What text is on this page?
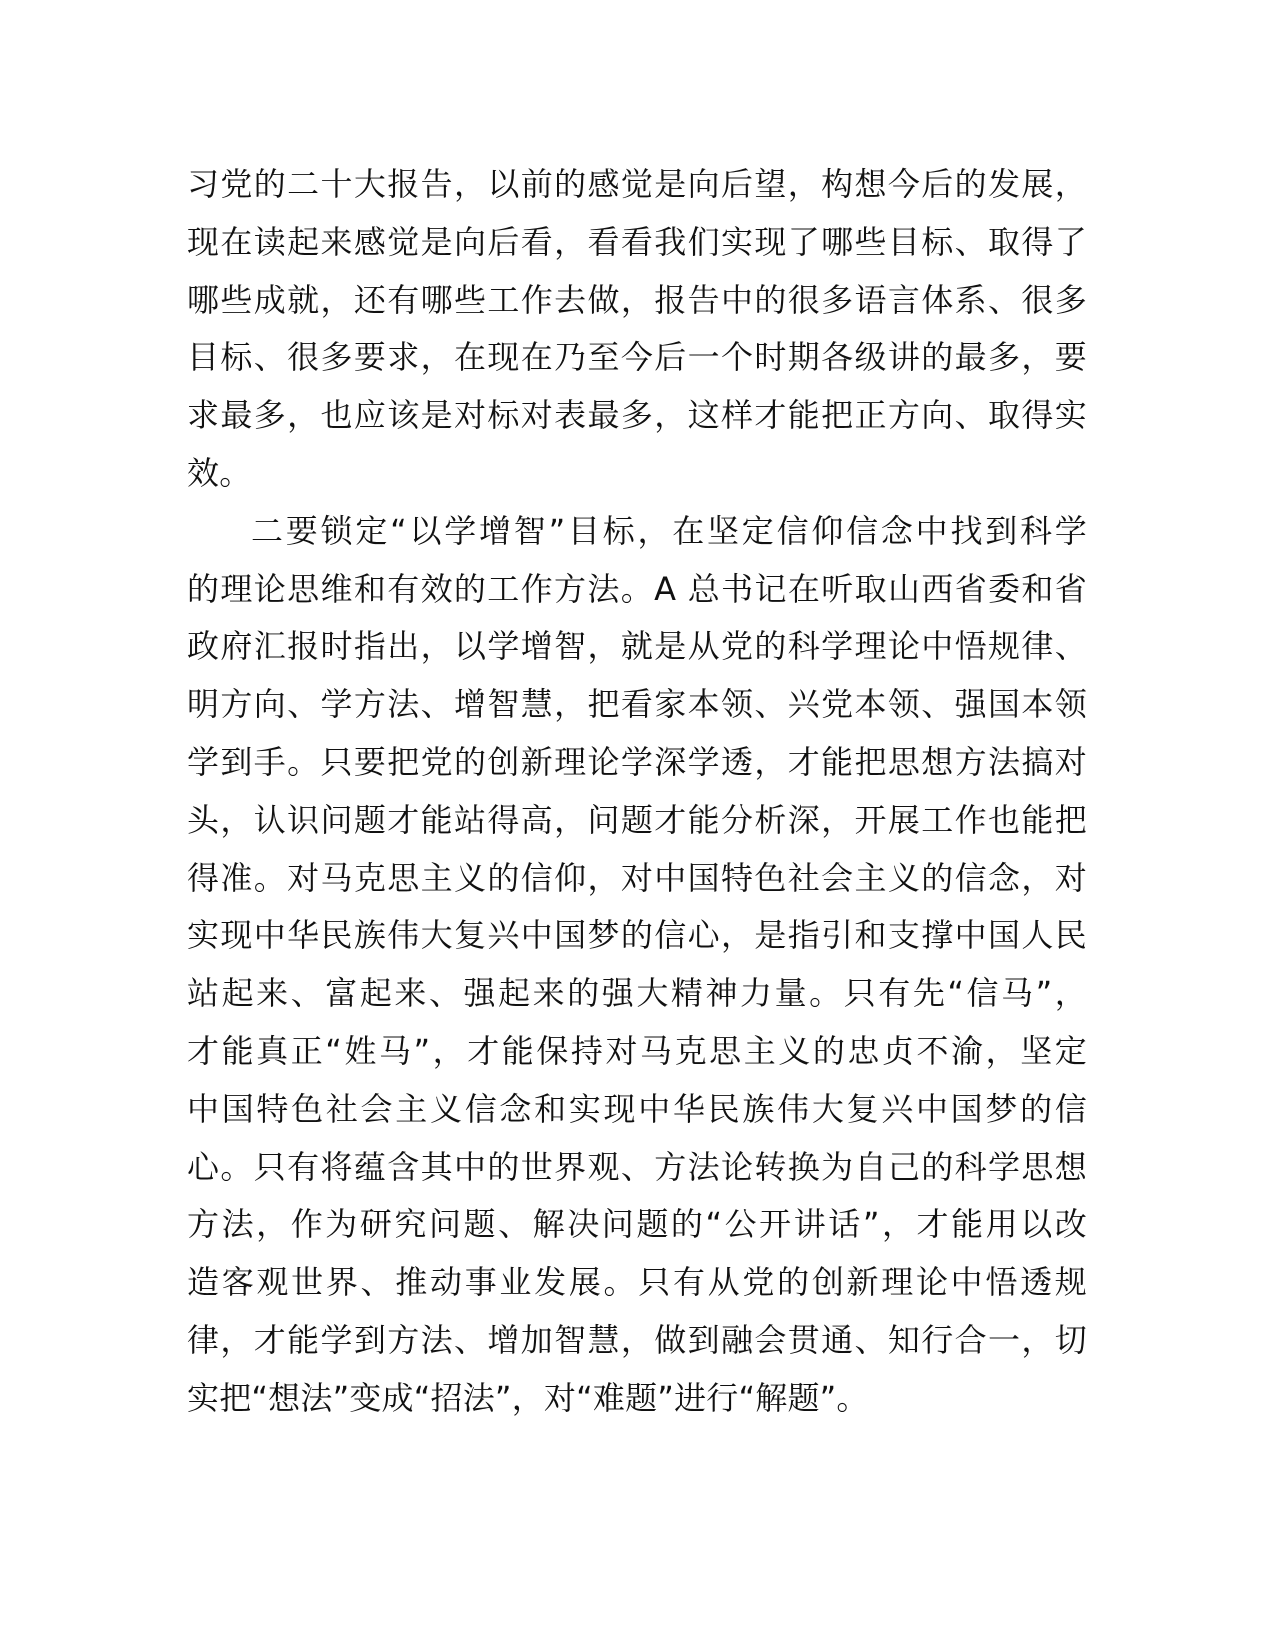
习党的二十大报告，以前的感觉是向后望，构想今后的发展，
现在读起来感觉是向后看，看看我们实现了哪些目标、取得了
哪些成就，还有哪些工作去做，报告中的很多语言体系、很多
目标、很多要求，在现在乃至今后一个时期各级讲的最多，要
求最多，也应该是对标对表最多，这样才能把正方向、取得实
效。
二要锁定“以学增智”目标，在坚定信仰信念中找到科学
的理论思维和有效的工作方法。A 总书记在听取山西省委和省
政府汇报时指出，以学增智，就是从党的科学理论中悟规律、
明方向、学方法、增智慧，把看家本领、兴党本领、强国本领
学到手。只要把党的创新理论学深学透，才能把思想方法搞对
头，认识问题才能站得高，问题才能分析深，开展工作也能把
得准。对马克思主义的信仰，对中国特色社会主义的信念，对
实现中华民族伟大复兴中国梦的信心，是指引和支撑中国人民
站起来、富起来、强起来的强大精神力量。只有先“信马”，
才能真正“姓马”，才能保持对马克思主义的忠贞不渝，坚定
中国特色社会主义信念和实现中华民族伟大复兴中国梦的信
心。只有将蕴含其中的世界观、方法论转换为自己的科学思想
方法，作为研究问题、解决问题的“公开讲话”，才能用以改
造客观世界、推动事业发展。只有从党的创新理论中悟透规
律，才能学到方法、增加智慧，做到融会贯通、知行合一，切
实把“想法”变成“招法”，对“难题”进行“解题”。
